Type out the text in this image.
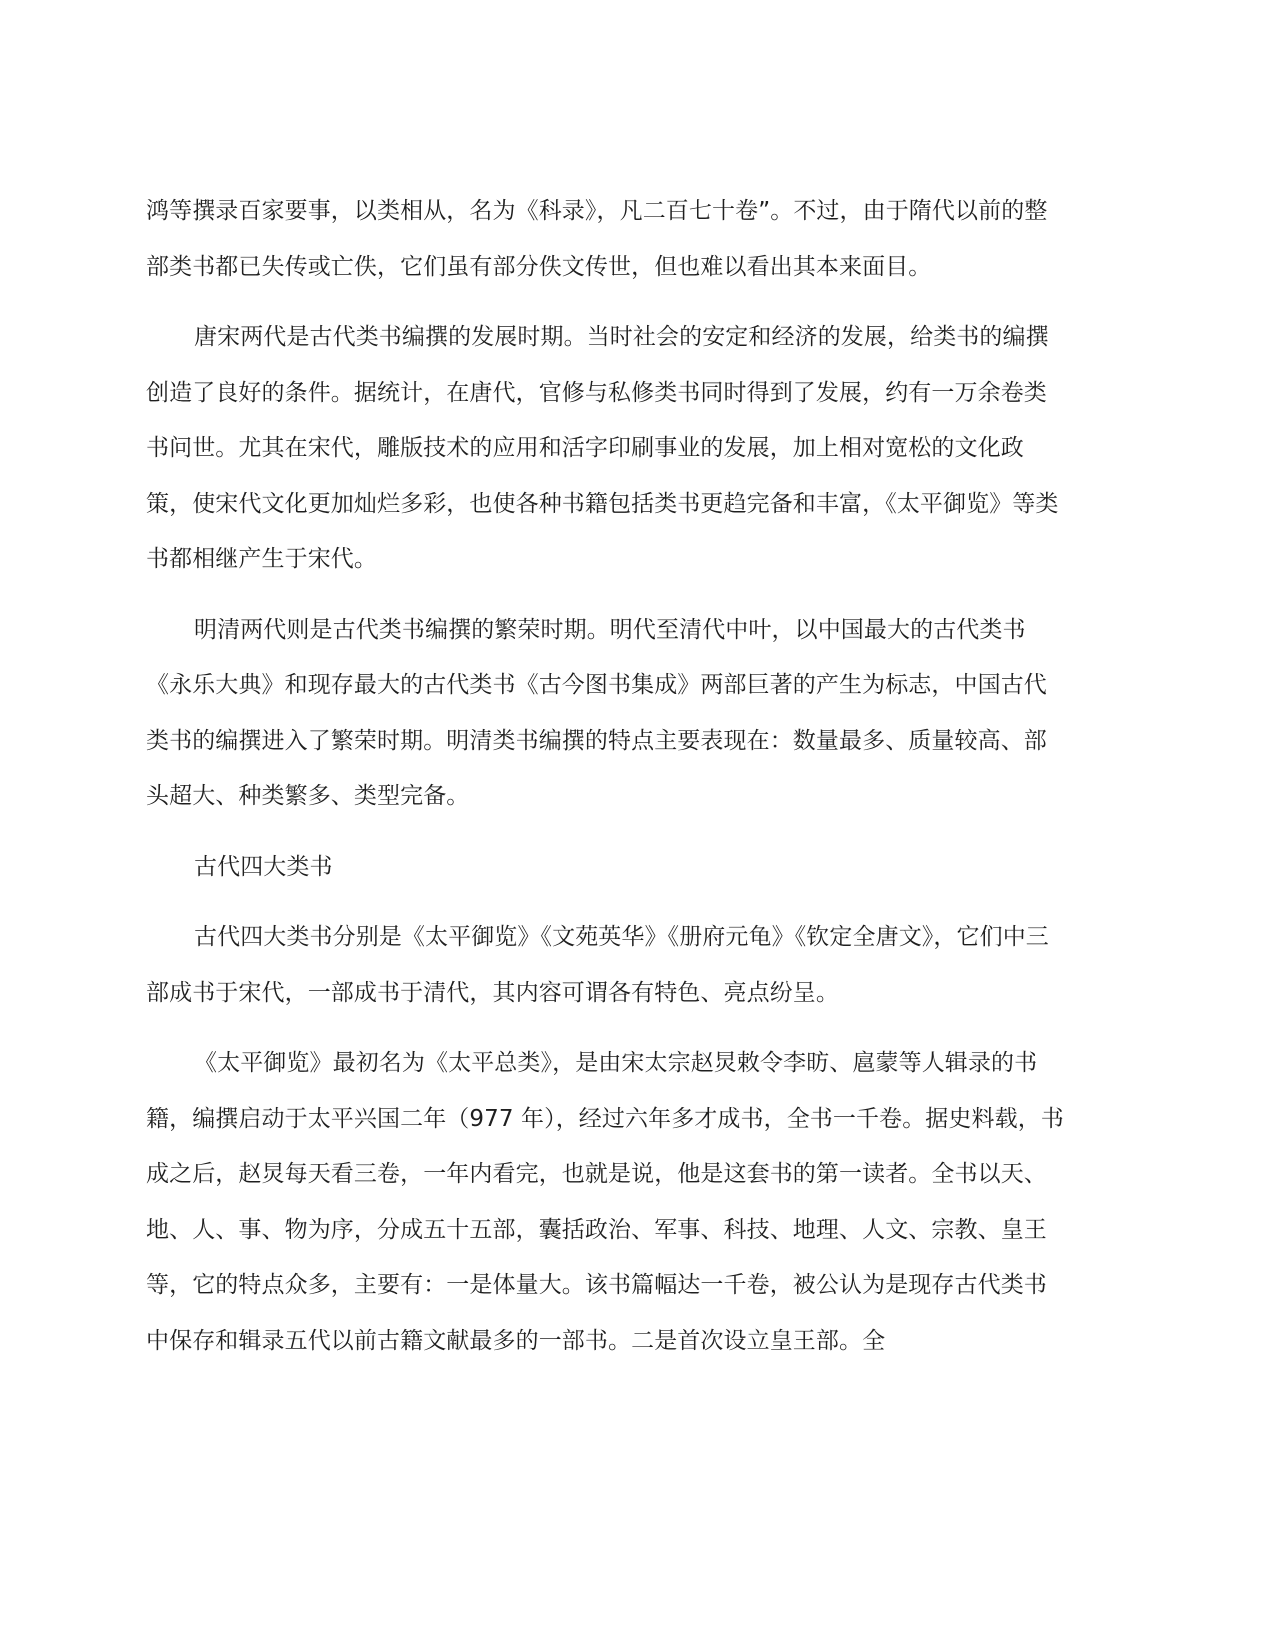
鸿等撰录百家要事，以类相从，名为《科录》，凡二百七十卷”。不过，由于隋代以前的整部类书都已失传或亡佚，它们虽有部分佚文传世，但也难以看出其本来面目。

唐宋两代是古代类书编撰的发展时期。当时社会的安定和经济的发展，给类书的编撰创造了良好的条件。据统计，在唐代，官修与私修类书同时得到了发展，约有一万余卷类书问世。尤其在宋代，雕版技术的应用和活字印刷事业的发展，加上相对宽松的文化政策，使宋代文化更加灿烂多彩，也使各种书籍包括类书更趋完备和丰富，《太平御览》等类书都相继产生于宋代。

明清两代则是古代类书编撰的繁荣时期。明代至清代中叶，以中国最大的古代类书《永乐大典》和现存最大的古代类书《古今图书集成》两部巨著的产生为标志，中国古代类书的编撰进入了繁荣时期。明清类书编撰的特点主要表现在：数量最多、质量较高、部头超大、种类繁多、类型完备。

古代四大类书

古代四大类书分别是《太平御览》《文苑英华》《册府元龟》《钦定全唐文》，它们中三部成书于宋代，一部成书于清代，其内容可谓各有特色、亮点纷呈。

《太平御览》最初名为《太平总类》，是由宋太宗赵炅敕令李昉、扈蒙等人辑录的书籍，编撰启动于太平兴国二年（977 年），经过六年多才成书，全书一千卷。据史料载，书成之后，赵炅每天看三卷，一年内看完，也就是说，他是这套书的第一读者。全书以天、地、人、事、物为序，分成五十五部，囊括政治、军事、科技、地理、人文、宗教、皇王等，它的特点众多，主要有：一是体量大。该书篇幅达一千卷，被公认为是现存古代类书中保存和辑录五代以前古籍文献最多的一部书。二是首次设立皇王部。全
